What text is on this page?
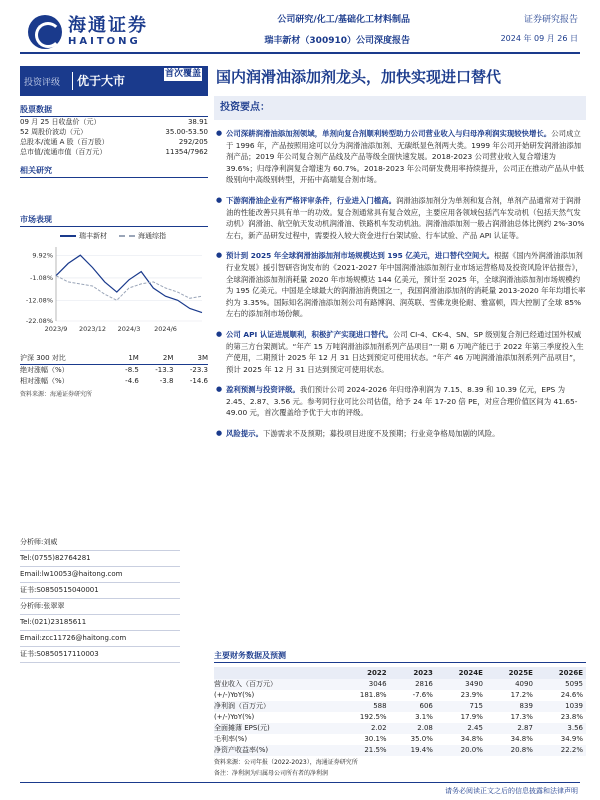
海通证券
HAITONG
公司研究/化工/基础化工材料制品
瑞丰新材（300910）公司深度报告
证券研究报告
2024 年 09 月 26 日
投资评级	优于大市	首次覆盖
股票数据
09 月 25 日收盘价（元）	38.91
52 周股价波动（元）	35.00-53.50
总股本/流通 A 股（百万股）	292/205
总市值/流通市值（百万元）	11354/7962
相关研究
市场表现
瑞丰新材	海通综指
9.92%
-1.08%
-12.08%
-22.08%
2023/9 2023/12 2024/3 2024/6
沪深 300 对比	1M	2M	3M
绝对涨幅（%）	-8.5	-13.3	-23.3
相对涨幅（%）	-4.6	-3.8	-14.6
资料来源：海通证券研究所
分析师:刘威
Tel:(0755)82764281
Email:lw10053@haitong.com
证书:S0850515040001
分析师:张翠翠
Tel:(021)23185611
Email:zcc11726@haitong.com
证书:S0850517110003
国内润滑油添加剂龙头，加快实现进口替代
投资要点：
● 公司深耕润滑油添加剂领域，单剂向复合剂顺利转型助力公司营业收入与归母净利润实现较快增长。公司成立于 1996 年，产品按照用途可以分为润滑油添加剂、无碳纸显色剂两大类。1999 年公司开始研发润滑油添加剂产品；2019 年公司复合剂产品线及产品等级全面快速发展。2018-2023 公司营业收入复合增速为 39.6%；归母净利润复合增速为 60.7%。2018-2023 年公司研发费用率持续提升，公司正在推动产品从中低级别向中高级别转型，开拓中高端复合剂市场。
● 下游润滑油企业有严格评审条件，行业进入门槛高。润滑油添加剂分为单剂和复合剂，单剂产品通常对于润滑油的性能改善只具有单一的功效。复合剂通常具有复合效应，主要应用各领域包括汽车发动机（包括天然气发动机）润滑油、航空航天发动机润滑油、铁路机车发动机油。润滑油添加剂一般占润滑油总体比例约 2%-30%左右，新产品研发过程中，需要投入较大资金进行台架试验、行车试验、产品 API 认证等。
● 预计到 2025 年全球润滑油添加剂市场规模达到 195 亿美元，进口替代空间大。根据《国内外润滑油添加剂行业发展》援引智研咨询发布的《2021-2027 年中国润滑油添加剂行业市场运营格局及投资风险评估报告》，全球润滑油添加剂消耗量 2020 年市场规模达 144 亿美元，预计至 2025 年，全球润滑油添加剂市场规模约为 195 亿美元。中国是全球最大的润滑油消费国之一，我国润滑油添加剂的消耗量 2013-2020 年年均增长率约为 3.35%。国际知名润滑油添加剂公司有路博润、润英联、雪佛龙奥伦耐、雅富顿，四大控制了全球 85%左右的添加剂市场份额。
● 公司 API 认证进展顺利，积极扩产实现进口替代。公司 CI-4、CK-4、SN、SP 级别复合剂已经通过国外权威的第三方台架测试。“年产 15 万吨润滑油添加剂系列产品项目”一期 6 万吨产能已于 2022 年第三季度投入生产使用，二期预计 2025 年 12 月 31 日达到预定可使用状态。“年产 46 万吨润滑油添加剂系列产品项目”，预计 2025 年 12 月 31 日达到预定可使用状态。
● 盈利预测与投资评级。我们预计公司 2024-2026 年归母净利润为 7.15、8.39 和 10.39 亿元，EPS 为 2.45、2.87、3.56 元。参考同行业可比公司估值，给予 24 年 17-20 倍 PE，对应合理价值区间为 41.65-49.00 元，首次覆盖给予优于大市的评级。
● 风险提示。下游需求不及预期；募投项目进度不及预期；行业竞争格局加剧的风险。
主要财务数据及预测
	2022	2023	2024E	2025E	2026E
营业收入（百万元）	3046	2816	3490	4090	5095
(+/-)YoY(%)	181.8%	-7.6%	23.9%	17.2%	24.6%
净利润（百万元）	588	606	715	839	1039
(+/-)YoY(%)	192.5%	3.1%	17.9%	17.3%	23.8%
全面摊薄 EPS(元)	2.02	2.08	2.45	2.87	3.56
毛利率(%)	30.1%	35.0%	34.8%	34.8%	34.9%
净资产收益率(%)	21.5%	19.4%	20.0%	20.8%	22.2%
资料来源：公司年报（2022-2023），海通证券研究所
备注：净利润为归属母公司所有者的净利润
请务必阅读正文之后的信息披露和法律声明
